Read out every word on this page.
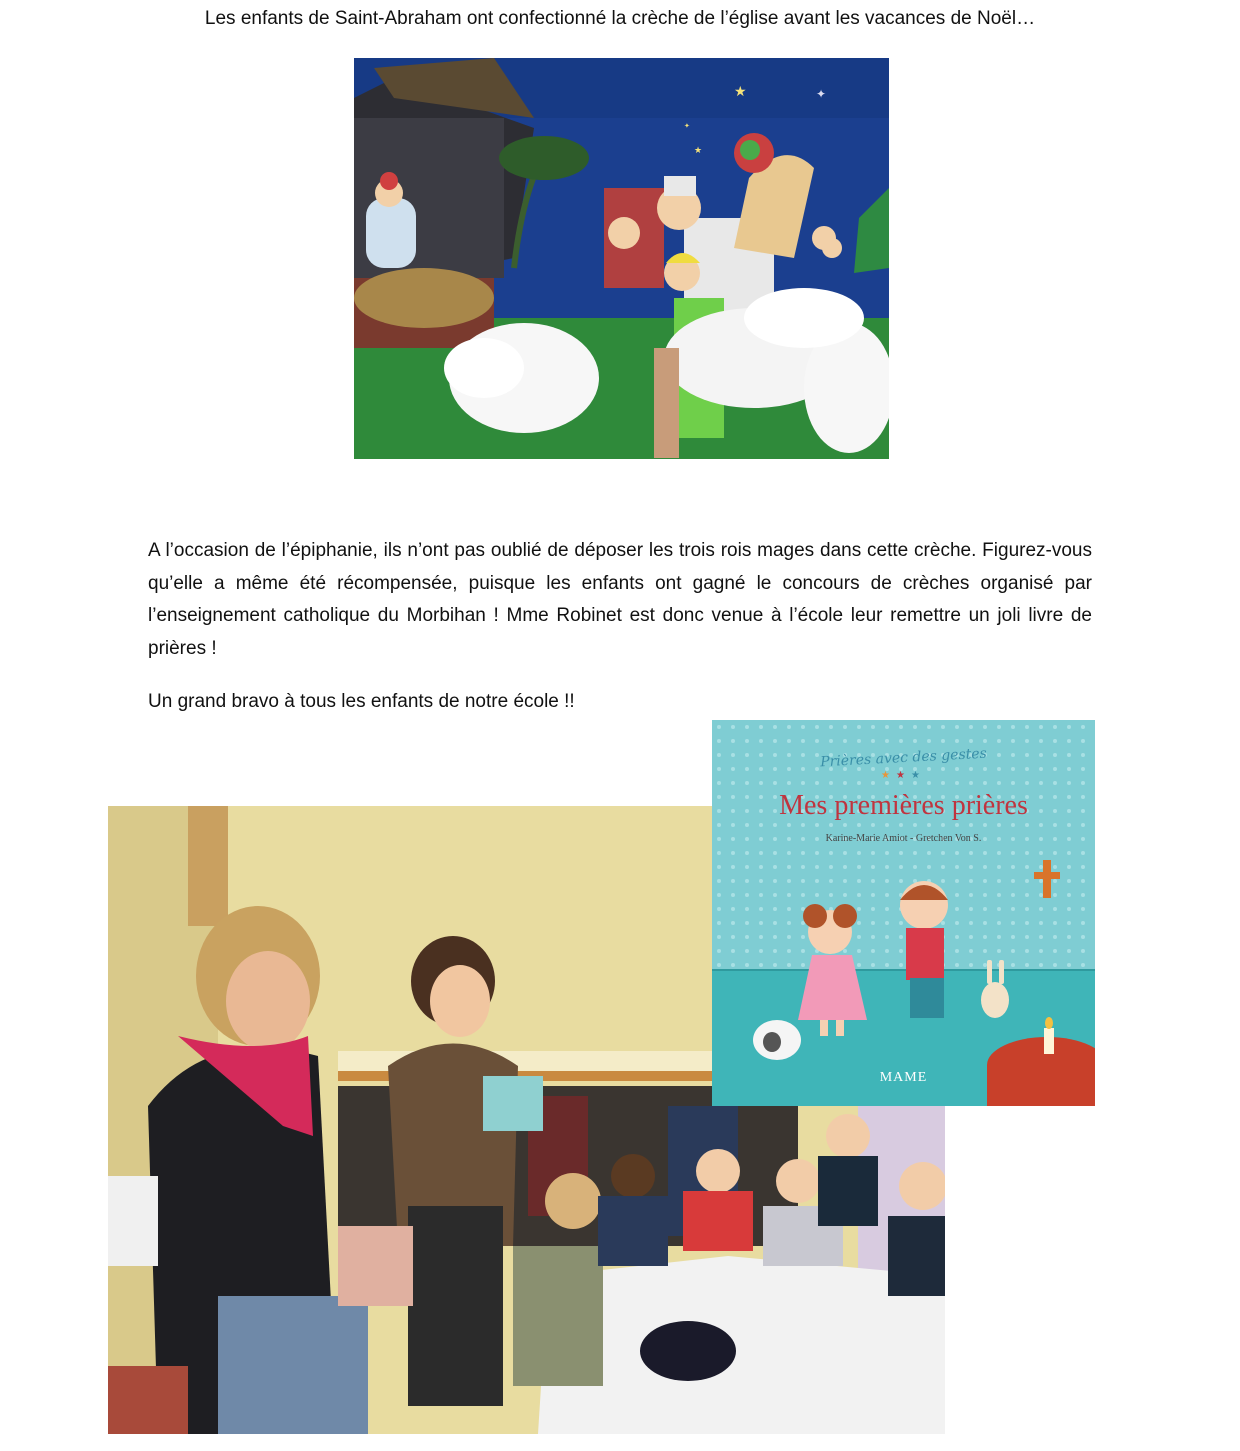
Les enfants de Saint-Abraham ont confectionné la crèche de l’église avant les vacances de Noël…
★	✦
★
✦

A l’occasion de l’épiphanie, ils n’ont pas oublié de déposer les trois rois mages dans cette crèche. Figurez-vous qu’elle a même été récompensée, puisque les enfants ont gagné le concours de crèches organisé par l’enseignement catholique du Morbihan ! Mme Robinet est donc venue à l’école leur remettre un joli livre de prières !

Un grand bravo à tous les enfants de notre école !!

Prières avec des gestes
★★★
Mes premières prières
Karine-Marie Amiot - Gretchen Von S.
MAME
